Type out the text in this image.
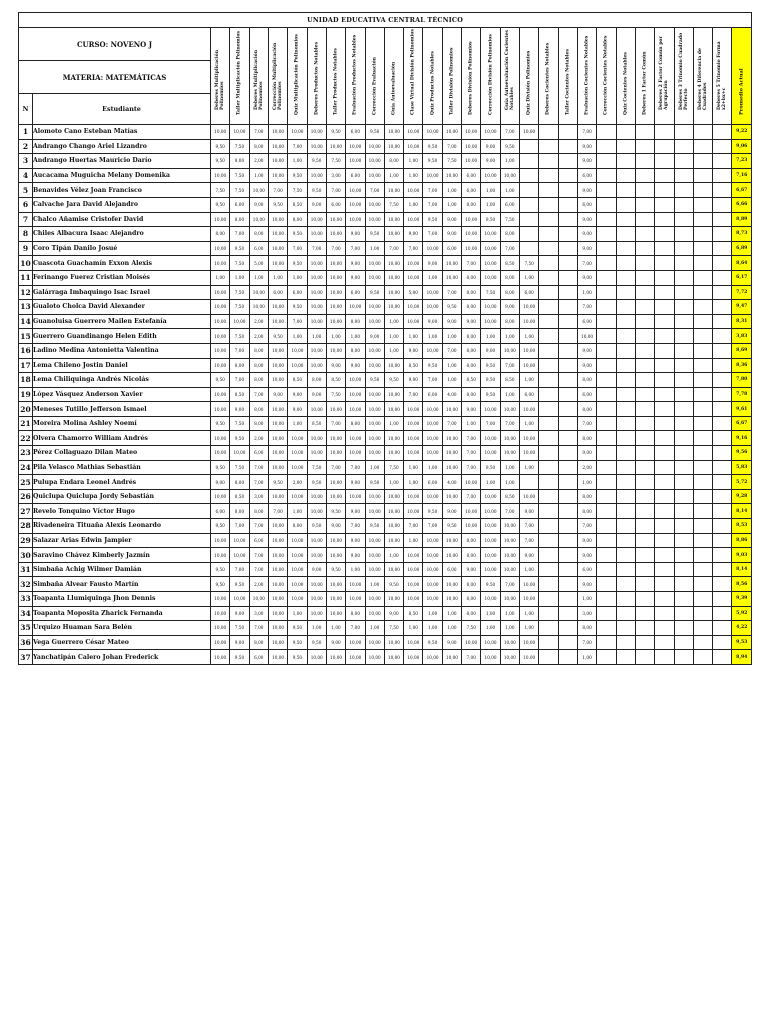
UNIDAD EDUCATIVA CENTRAL TÉCNICO																													
CURSO: NOVENO J		Deberes Multiplicación Polinomios	Taller Multiplicación Polinomios	Deberes Multiplicación Polinomios	Corrección Multiplicación Polinomios	Quiz Multiplicación Polinomios	Deberes Productos Notables	Taller Productos Notables	Evaluación Productos Notables	Corrección Evaluación	Guía Autoevaluación	Clase Virtual División Polinomios	Quiz Productos Notables	Taller División Polinomios	Deberes División Polinomios	Corrección División Polinomios	Guía Autoevaluación Cocientes Notables	Quiz División Polinomios	Deberes Cocientes Notables	Taller Cocientes Notables	Evaluación Cocientes Notables	Corrección Cocientes Notables	Quiz Cocientes Notables	Deberes 1 Factor Común	Deberes 2 Factor Común por Agrupación	Deberes 3 Trinomio Cuadrado Perfecto	Deberes 4 Diferencia de Cuadrados	Deberes 5 Trinomio Forma x2+bx+c	Promedio Actual

MATERIA: MATEMÁTICAS																													
N	Estudiante																												
1	Alomoto Cano Esteban Matías	10,00	10,00	7,00	10,00	10,00	10,00	9,50	6,00	9,50	10,00	10,00	10,00	10,00	10,00	10,00	7,00	10,00			7,00								9,22
2	Andrango Chango Ariel Lizandro	9,50	7,50	8,00	10,00	7,00	10,00	10,00	10,00	10,00	10,00	10,00	9,50	7,00	10,00	9,00	9,50				9,00								9,06
3	Andrango Huertas Mauricio Darío	9,50	8,00	2,00	10,00	1,00	9,50	7,50	10,00	10,00	8,00	1,00	9,50	7,50	10,00	9,00	1,00				9,00								7,23
4	Aucacama Muguicha Melany Domenika	10,00	7,50	1,00	10,00	9,50	10,00	3,00	6,00	10,00	1,00	1,00	10,00	10,00	6,00	10,00	10,00				6,00								7,16
5	Benavides Vélez Joan Francisco	7,50	7,50	10,00	7,00	7,50	9,50	7,00	10,00	7,00	10,00	10,00	7,00	1,00	6,00	1,00	1,00				9,00								6,67
6	Calvache Jara David Alejandro	9,50	6,00	9,00	9,50	8,50	9,00	6,00	10,00	10,00	7,50	1,00	7,00	1,00	8,00	1,00	6,00				6,00								6,66
7	Chalco Añamise Cristofer David	10,00	8,00	10,00	10,00	8,00	10,00	10,00	10,00	10,00	10,00	10,00	9,50	9,00	10,00	9,50	7,50				9,00								8,89
8	Chiles Albacura Isaac Alejandro	8,00	7,00	8,00	10,00	9,50	10,00	10,00	9,00	9,50	10,00	9,00	7,00	9,00	10,00	10,00	8,00				9,00								8,73
9	Coro Tipán Danilo Josué	10,00	9,50	6,00	10,00	7,00	7,00	7,00	7,00	1,00	7,00	7,00	10,00	6,00	10,00	10,00	7,00				9,00								6,89
10	Cuascota Guachamín Exxon Alexis	10,00	7,50	5,00	10,00	9,50	10,00	10,00	9,00	10,00	10,00	10,00	9,00	10,00	7,00	10,00	8,50	7,50			7,00								8,64
11	Ferinango Fuerez Cristian Moisés	1,00	1,00	1,00	1,00	1,00	10,00	10,00	9,00	10,00	10,00	10,00	1,00	10,00	8,00	10,00	8,00	1,00			9,00								6,17
12	Galárraga Imbaquingo Isac Israel	10,00	7,50	10,00	6,00	6,00	10,00	10,00	6,00	9,50	10,00	5,00	10,00	7,00	8,00	7,50	8,00	6,00			1,00								7,72
13	Gualoto Cholca David Alexander	10,00	7,50	10,00	10,00	9,50	10,00	10,00	10,00	10,00	10,00	10,00	10,00	9,50	8,00	10,00	9,00	10,00			7,00								9,47
14	Guanoluisa Guerrero Mailen Estefanía	10,00	10,00	2,00	10,00	7,00	10,00	10,00	8,00	10,00	1,00	10,00	9,00	9,00	9,00	10,00	8,00	10,00			6,00								8,31
15	Guerrero Guandinango Helen Edith	10,00	7,50	2,00	9,50	1,00	1,00	1,00	1,00	9,00	1,00	1,00	1,00	1,00	8,00	1,00	1,00	1,00			10,00								3,83
16	Ladino Medina Antonietta Valentina	10,00	7,00	8,00	10,00	10,00	10,00	10,00	8,00	10,00	1,00	9,00	10,00	7,00	8,00	9,00	10,00	10,00			9,00								8,69
17	Lema Chileno Jostin Daniel	10,00	8,00	8,00	10,00	10,00	10,00	9,00	9,00	10,00	10,00	8,50	9,50	1,00	8,00	9,50	7,00	10,00			9,00								8,36
18	Lema Chiliquinga Andrés Nicolás	9,50	7,00	8,00	10,00	8,50	8,00	8,50	10,00	9,50	9,50	9,00	7,00	1,00	8,50	9,50	8,50	1,00			8,00								7,80
19	López Vásquez Anderson Xavier	10,00	8,50	7,00	9,00	9,00	9,00	7,50	10,00	10,00	10,00	7,00	6,00	4,00	8,00	9,50	1,00	6,00			6,00								7,78
20	Meneses Tutillo Jefferson Ismael	10,00	9,00	8,00	10,00	9,00	10,00	10,00	10,00	10,00	10,00	10,00	10,00	10,00	9,00	10,00	10,00	10,00			8,00								9,61
21	Moreira Molina Ashley Noemí	9,50	7,50	8,00	10,00	1,00	8,50	7,00	8,00	10,00	1,00	10,00	10,00	7,00	1,00	7,00	7,00	1,00			7,00								6,67
22	Olvera Chamorro William Andrés	10,00	9,50	2,00	10,00	10,00	10,00	10,00	10,00	10,00	10,00	10,00	10,00	10,00	7,00	10,00	10,00	10,00			8,00								9,16
23	Pérez Collaguazo Dilan Mateo	10,00	10,00	6,00	10,00	10,00	10,00	10,00	10,00	10,00	10,00	10,00	10,00	10,00	7,00	10,00	10,00	10,00			9,00								9,56
24	Pila Velasco Mathias Sebastián	9,50	7,50	7,00	10,00	10,00	7,50	7,00	7,00	1,00	7,50	1,00	1,00	10,00	7,00	9,50	1,00	1,00			2,00								5,83
25	Pulupa Endara Leonel Andrés	9,00	8,00	7,00	9,50	2,00	9,50	10,00	9,00	9,50	1,00	1,00	6,00	4,00	10,00	1,00	1,00				1,00								5,72
26	Quiclupa Quiclupa Jordy Sebastián	10,00	8,50	3,00	10,00	10,00	10,00	10,00	10,00	10,00	10,00	10,00	10,00	10,00	7,00	10,00	8,50	10,00			8,00								9,28
27	Revelo Tonquino Víctor Hugo	6,00	8,00	8,00	7,00	1,00	10,00	9,50	9,00	10,00	10,00	10,00	9,50	9,00	10,00	10,00	7,00	9,00			8,00								8,14
28	Rivadeneira Tituaña Alexis Leonardo	9,50	7,00	7,00	10,00	8,00	9,50	9,00	7,00	9,50	10,00	7,00	7,00	9,50	10,00	10,00	10,00	7,00			7,00								8,53
29	Salazar Arias Edwin Jampier	10,00	10,00	6,00	10,00	10,00	10,00	10,00	9,00	10,00	10,00	1,00	10,00	10,00	8,00	10,00	10,00	7,00			9,00								8,86
30	Saravino Chávez Kimberly Jazmín	10,00	10,00	7,00	10,00	10,00	10,00	10,00	9,00	10,00	1,00	10,00	10,00	10,00	8,00	10,00	10,00	9,00			9,00								9,03
31	Simbaña Achig Wilmer Damián	9,50	7,00	7,00	10,00	10,00	9,00	9,50	1,00	10,00	10,00	10,00	10,00	6,00	9,00	10,00	10,00	1,00			6,00								8,14
32	Simbaña Alvear Fausto Martín	9,50	9,50	2,00	10,00	10,00	10,00	10,00	10,00	1,00	9,50	10,00	10,00	10,00	8,00	9,50	7,00	10,00			9,00								8,56
33	Toapanta Llumiquinga Jhon Dennis	10,00	10,00	10,00	10,00	10,00	10,00	10,00	10,00	10,00	10,00	10,00	10,00	10,00	8,00	10,00	10,00	10,00			1,00								9,39
34	Toapanta Moposita Zharick Fernanda	10,00	9,00	3,00	10,00	1,00	10,00	10,00	8,00	10,00	9,00	8,50	1,00	1,00	8,00	1,00	1,00	1,00			3,00								5,92
35	Urquizo Huaman Sara Belén	10,00	7,50	7,00	10,00	9,50	1,00	1,00	7,00	1,00	7,50	1,00	1,00	1,00	7,50	1,00	1,00	1,00			8,00								4,22
36	Vega Guerrero César Mateo	10,00	9,00	8,00	10,00	9,50	9,50	9,00	10,00	10,00	10,00	10,00	9,50	9,00	10,00	10,00	10,00	10,00			7,00								9,53
37	Yanchatipán Calero Johan Frederick	10,00	9,50	6,00	10,00	9,50	10,00	10,00	10,00	10,00	10,00	10,00	10,00	10,00	7,00	10,00	10,00	10,00			1,00								8,94
